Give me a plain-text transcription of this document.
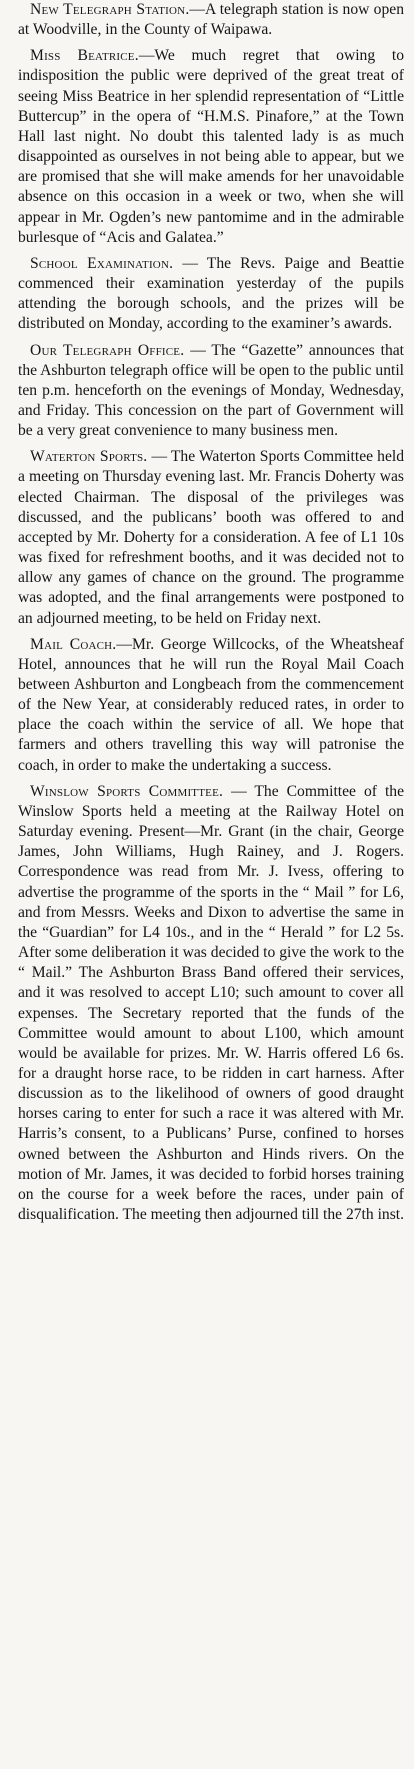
New Telegraph Station.—A telegraph station is now open at Woodville, in the County of Waipawa.

Miss Beatrice.—We much regret that owing to indisposition the public were deprived of the great treat of seeing Miss Beatrice in her splendid representation of “Little Buttercup” in the opera of “H.M.S. Pinafore,” at the Town Hall last night. No doubt this talented lady is as much disappointed as ourselves in not being able to appear, but we are promised that she will make amends for her unavoidable absence on this occasion in a week or two, when she will appear in Mr. Ogden’s new pantomime and in the admirable burlesque of “Acis and Galatea.”

School Examination. — The Revs. Paige and Beattie commenced their examination yesterday of the pupils attending the borough schools, and the prizes will be distributed on Monday, according to the examiner’s awards.

Our Telegraph Office. — The “Gazette” announces that the Ashburton telegraph office will be open to the public until ten p.m. henceforth on the evenings of Monday, Wednesday, and Friday. This concession on the part of Government will be a very great convenience to many business men.

Waterton Sports. — The Waterton Sports Committee held a meeting on Thursday evening last. Mr. Francis Doherty was elected Chairman. The disposal of the privileges was discussed, and the publicans’ booth was offered to and accepted by Mr. Doherty for a consideration. A fee of L1 10s was fixed for refreshment booths, and it was decided not to allow any games of chance on the ground. The programme was adopted, and the final arrangements were postponed to an adjourned meeting, to be held on Friday next.

Mail Coach.—Mr. George Willcocks, of the Wheatsheaf Hotel, announces that he will run the Royal Mail Coach between Ashburton and Longbeach from the commencement of the New Year, at considerably reduced rates, in order to place the coach within the service of all. We hope that farmers and others travelling this way will patronise the coach, in order to make the undertaking a success.

Winslow Sports Committee. — The Committee of the Winslow Sports held a meeting at the Railway Hotel on Saturday evening. Present—Mr. Grant (in the chair, George James, John Williams, Hugh Rainey, and J. Rogers. Correspondence was read from Mr. J. Ivess, offering to advertise the programme of the sports in the “ Mail ” for L6, and from Messrs. Weeks and Dixon to advertise the same in the “Guardian” for L4 10s., and in the “ Herald ” for L2 5s. After some deliberation it was decided to give the work to the “ Mail.” The Ashburton Brass Band offered their services, and it was resolved to accept L10; such amount to cover all expenses. The Secretary reported that the funds of the Committee would amount to about L100, which amount would be available for prizes. Mr. W. Harris offered L6 6s. for a draught horse race, to be ridden in cart harness. After discussion as to the likelihood of owners of good draught horses caring to enter for such a race it was altered with Mr. Harris’s consent, to a Publicans’ Purse, confined to horses owned between the Ashburton and Hinds rivers. On the motion of Mr. James, it was decided to forbid horses training on the course for a week before the races, under pain of disqualification. The meeting then adjourned till the 27th inst.
